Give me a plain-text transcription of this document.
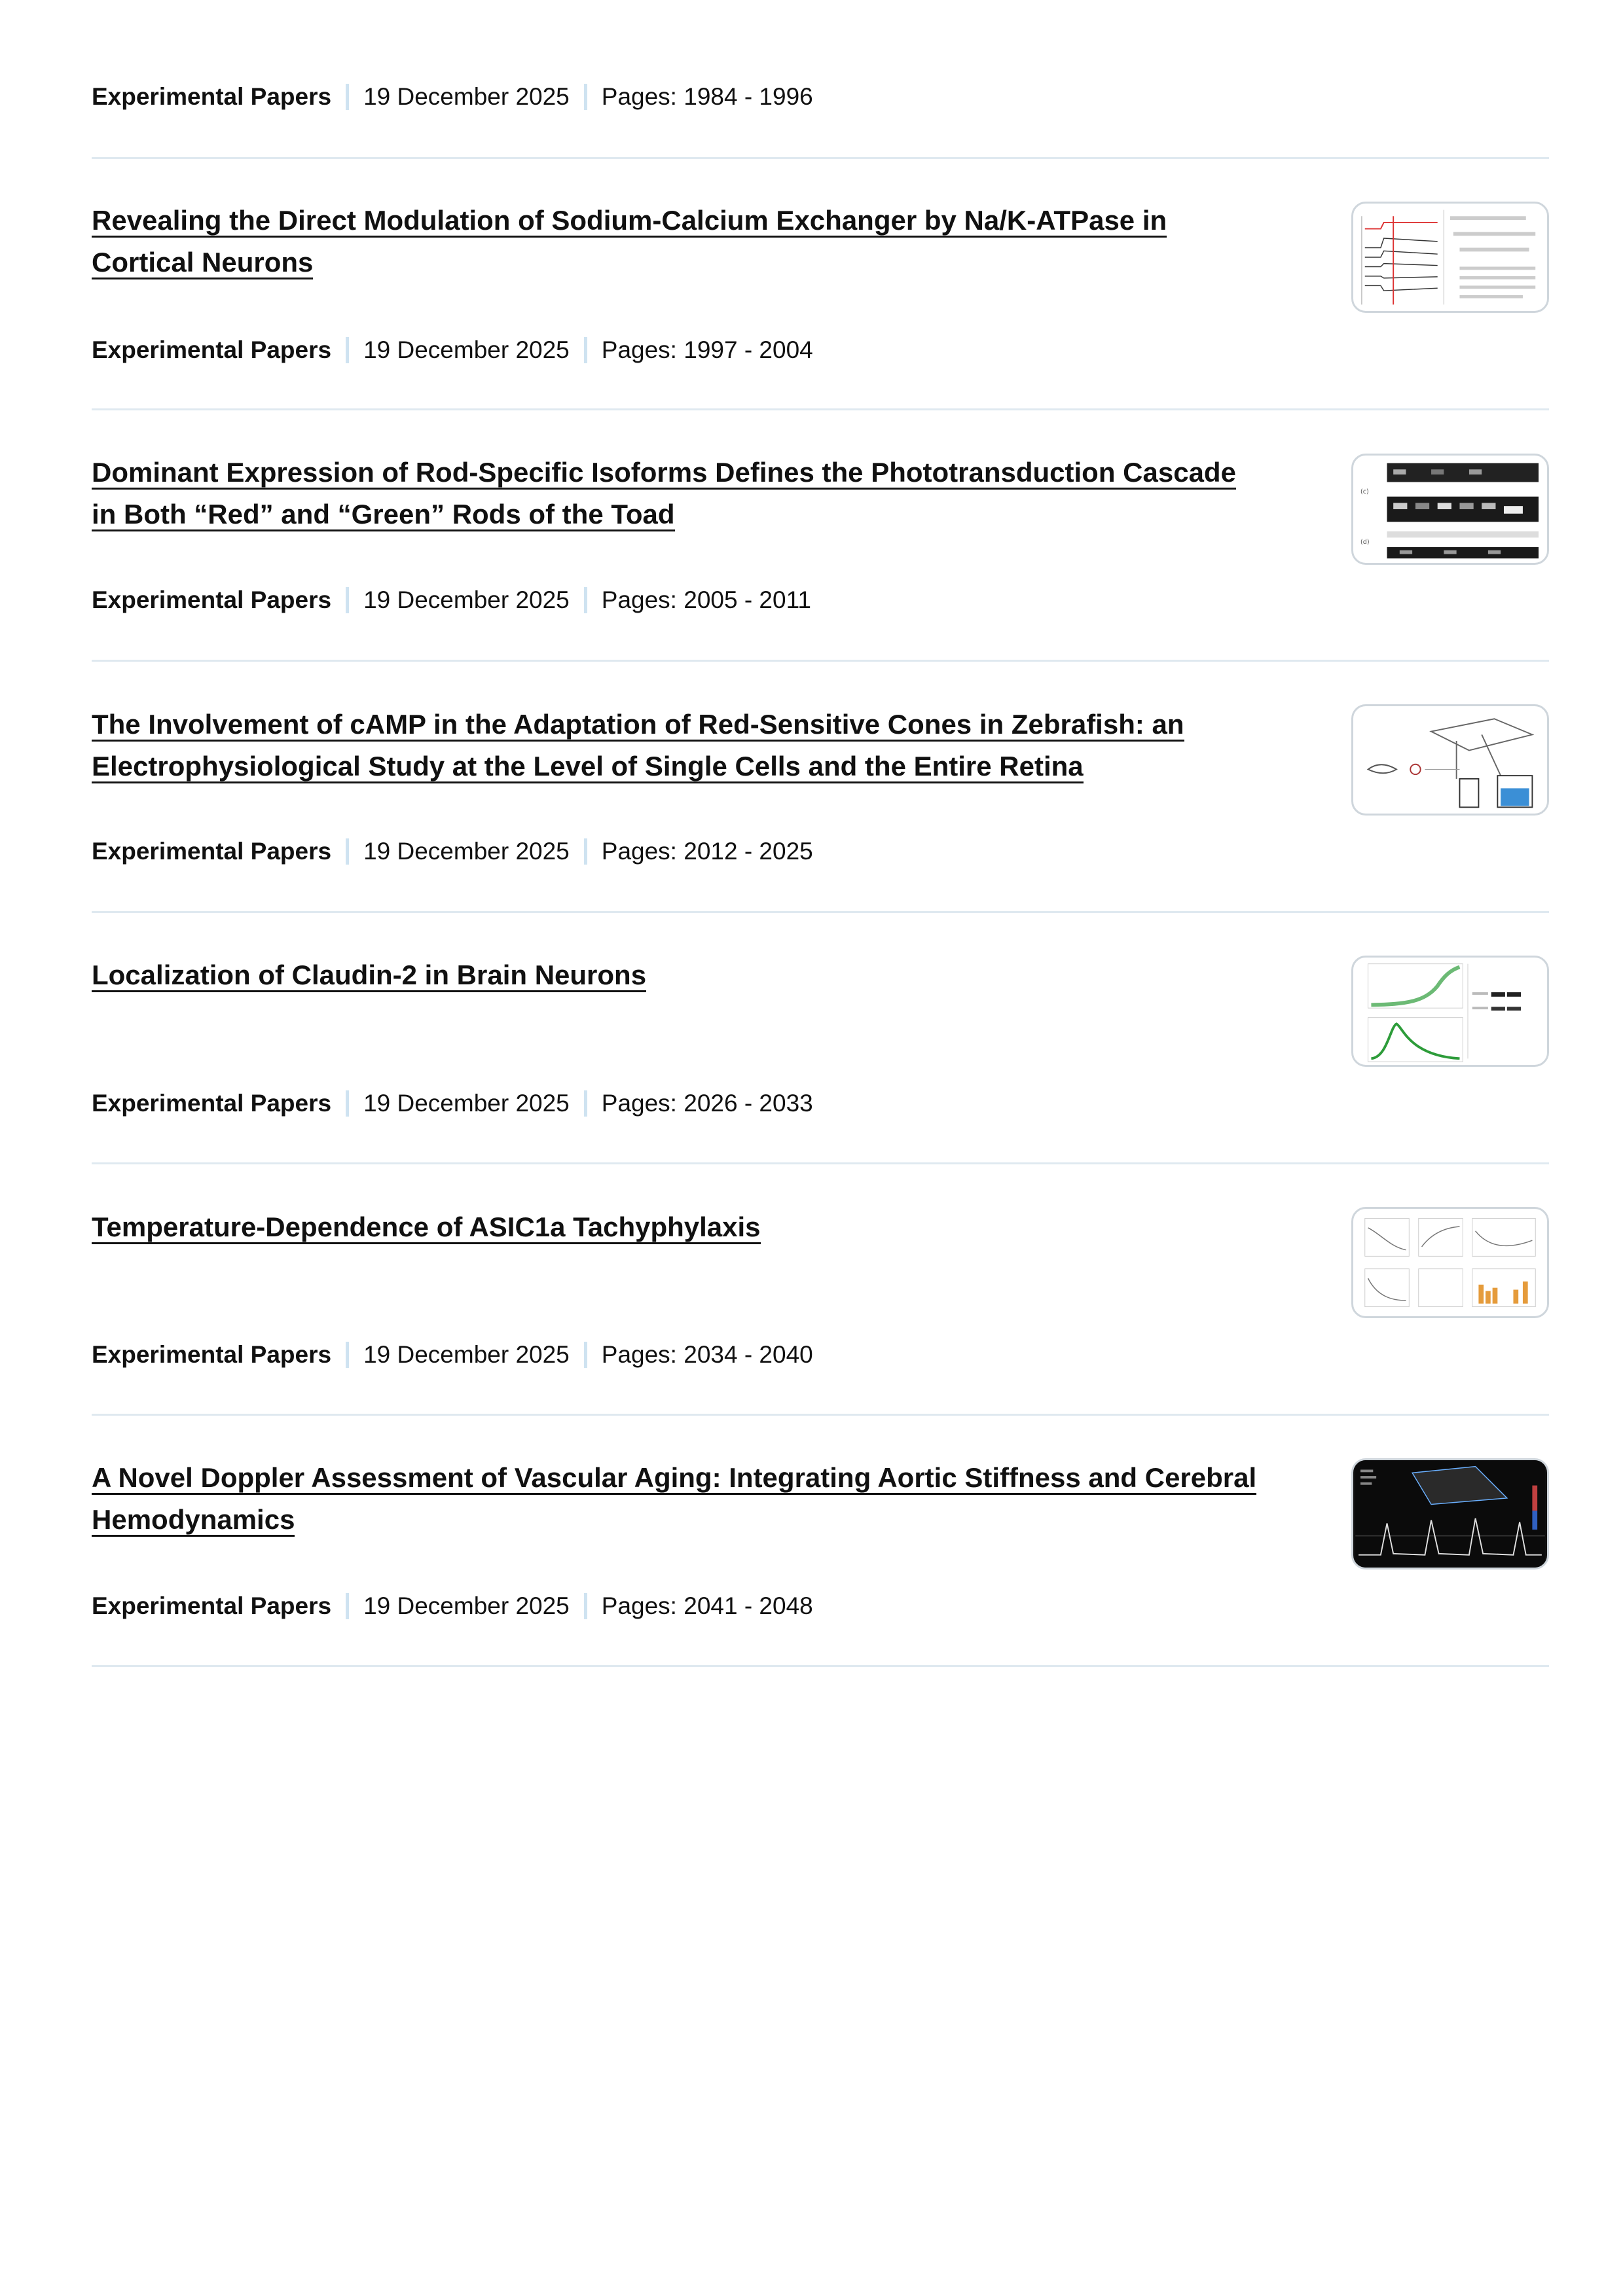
Experimental Papers 19 December 2025 Pages: 1984 - 1996
Revealing the Direct Modulation of Sodium-Calcium Exchanger by Na/K-ATPase in
Cortical Neurons
Experimental Papers 19 December 2025 Pages: 1997 - 2004
Dominant Expression of Rod-Specific Isoforms Defines the Phototransduction Cascade
in Both “Red” and “Green” Rods of the Toad
Experimental Papers 19 December 2025 Pages: 2005 - 2011
(c)
(d)
The Involvement of cAMP in the Adaptation of Red-Sensitive Cones in Zebrafish: an
Electrophysiological Study at the Level of Single Cells and the Entire Retina
Experimental Papers 19 December 2025 Pages: 2012 - 2025
Localization of Claudin-2 in Brain Neurons
Experimental Papers 19 December 2025 Pages: 2026 - 2033
Temperature-Dependence of ASIC1a Tachyphylaxis
Experimental Papers 19 December 2025 Pages: 2034 - 2040
A Novel Doppler Assessment of Vascular Aging: Integrating Aortic Stiffness and Cerebral
Hemodynamics
Experimental Papers 19 December 2025 Pages: 2041 - 2048
